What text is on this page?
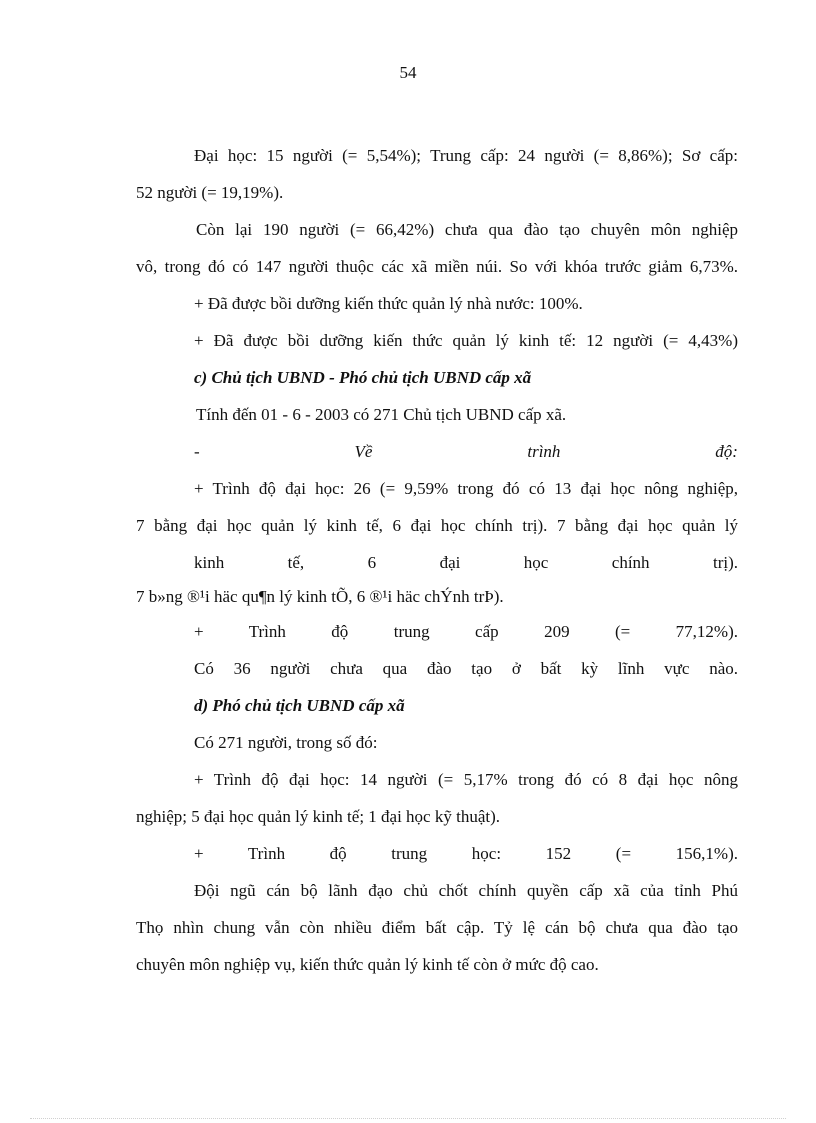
54
Đại học: 15 người (= 5,54%); Trung cấp: 24 người (= 8,86%); Sơ cấp:
52 người (= 19,19%).
Còn lại 190 người (= 66,42%) chưa qua đào tạo chuyên môn nghiệp
vô, trong đó có 147 người thuộc các xã miền núi. So với khóa trước giảm 6,73%.
+ Đã được bồi dưỡng kiến thức quản lý nhà nước: 100%.
+ Đã được bồi dưỡng kiến thức quản lý kinh tế: 12 người (= 4,43%)
c) Chủ tịch UBND - Phó chủ tịch UBND cấp xã
Tính đến 01 - 6 - 2003 có 271 Chủ tịch UBND cấp xã.
-	Về	trình	độ:
+ Trình độ đại học: 26 (= 9,59% trong đó có 13 đại học nông nghiệp,
7 bằng đại học quản lý kinh tế, 6 đại học chính trị). 7 bằng đại học quản lý
kinh tế, 6 đại học chính trị).
7 b»ng ®¹i häc qu¶n lý kinh tÕ, 6 ®¹i häc chÝnh trÞ).
+ Trình độ trung cấp 209 (= 77,12%).
Có 36 người chưa qua đào tạo ở bất kỳ lĩnh vực nào.
d) Phó chủ tịch UBND cấp xã
Có 271 người, trong số đó:
+ Trình độ đại học: 14 người (= 5,17% trong đó có 8 đại học nông
nghiệp; 5 đại học quản lý kinh tế; 1 đại học kỹ thuật).
+ Trình độ trung học: 152 (= 156,1%).
Đội ngũ cán bộ lãnh đạo chủ chốt chính quyền cấp xã của tỉnh Phú
Thọ nhìn chung vẫn còn nhiều điểm bất cập. Tỷ lệ cán bộ chưa qua đào tạo
chuyên môn nghiệp vụ, kiến thức quản lý kinh tế còn ở mức độ cao.
